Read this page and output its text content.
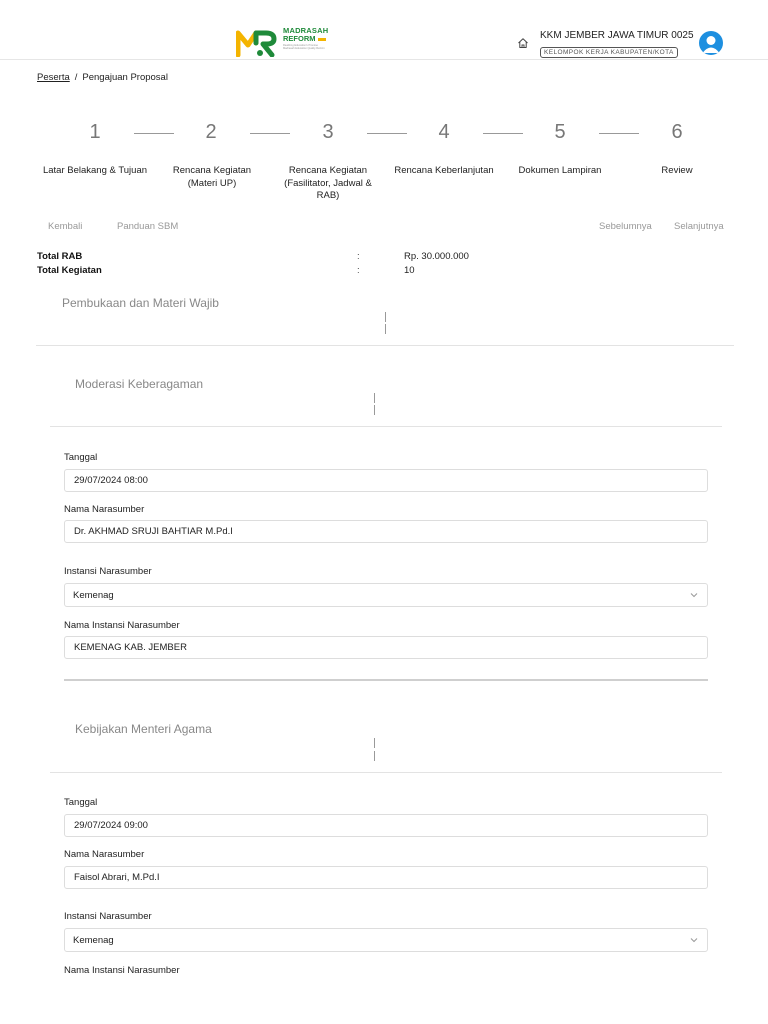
MADRASAH
REFORM
Realizing Education's Promise Madrasah Education Quality Reform
KKM JEMBER JAWA TIMUR 0025
KELOMPOK KERJA KABUPATEN/KOTA
Peserta / Pengajuan Proposal
1	2	3	4	5	6
Latar Belakang & Tujuan	Rencana Kegiatan (Materi UP)
Rencana Kegiatan (Fasilitator, Jadwal & RAB)
Rencana Keberlanjutan	Dokumen Lampiran	Review
Kembali	Panduan SBM	Sebelumnya Selanjutnya
Total RAB	:	Rp. 30.000.000
Total Kegiatan	:	10
Pembukaan dan Materi Wajib
Moderasi Keberagaman
Tanggal
29/07/2024 08:00
Nama Narasumber
Dr. AKHMAD SRUJI BAHTIAR M.Pd.I
Instansi Narasumber
Kemenag
Nama Instansi Narasumber
KEMENAG KAB. JEMBER
Kebijakan Menteri Agama
Tanggal
29/07/2024 09:00
Nama Narasumber
Faisol Abrari, M.Pd.I
Instansi Narasumber
Kemenag
Nama Instansi Narasumber
